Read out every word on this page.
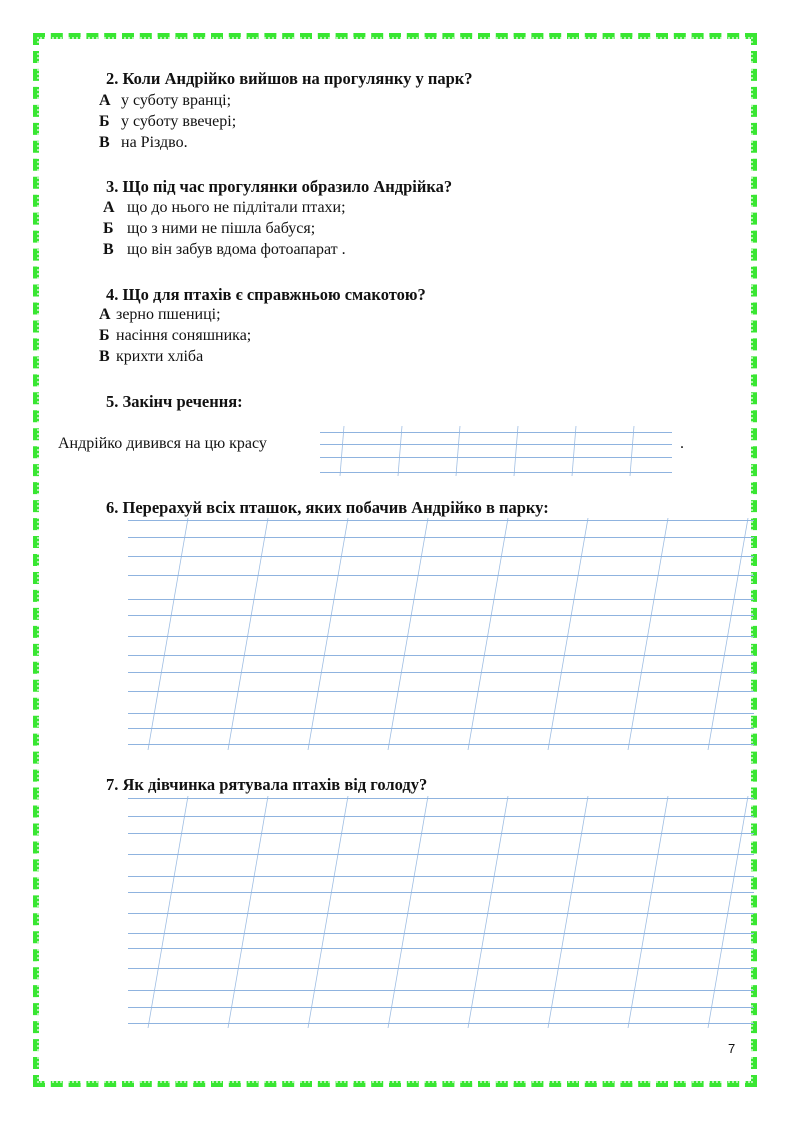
2. Коли Андрійко вийшов на прогулянку у парк?
А у суботу вранці;
Б у суботу ввечері;
В на Різдво.
3. Що під час прогулянки образило Андрійка?
А що до нього не підлітали птахи;
Б що з ними не пішла бабуся;
В що він забув вдома фотоапарат .
4. Що для птахів є справжньою смакотою?
А зерно пшениці;
Б насіння соняшника;
В крихти хліба
5. Закінч речення:
Андрійко дивився на цю красу	.
6. Перерахуй всіх пташок, яких побачив Андрійко в парку:
7. Як дівчинка рятувала птахів від голоду?
7
